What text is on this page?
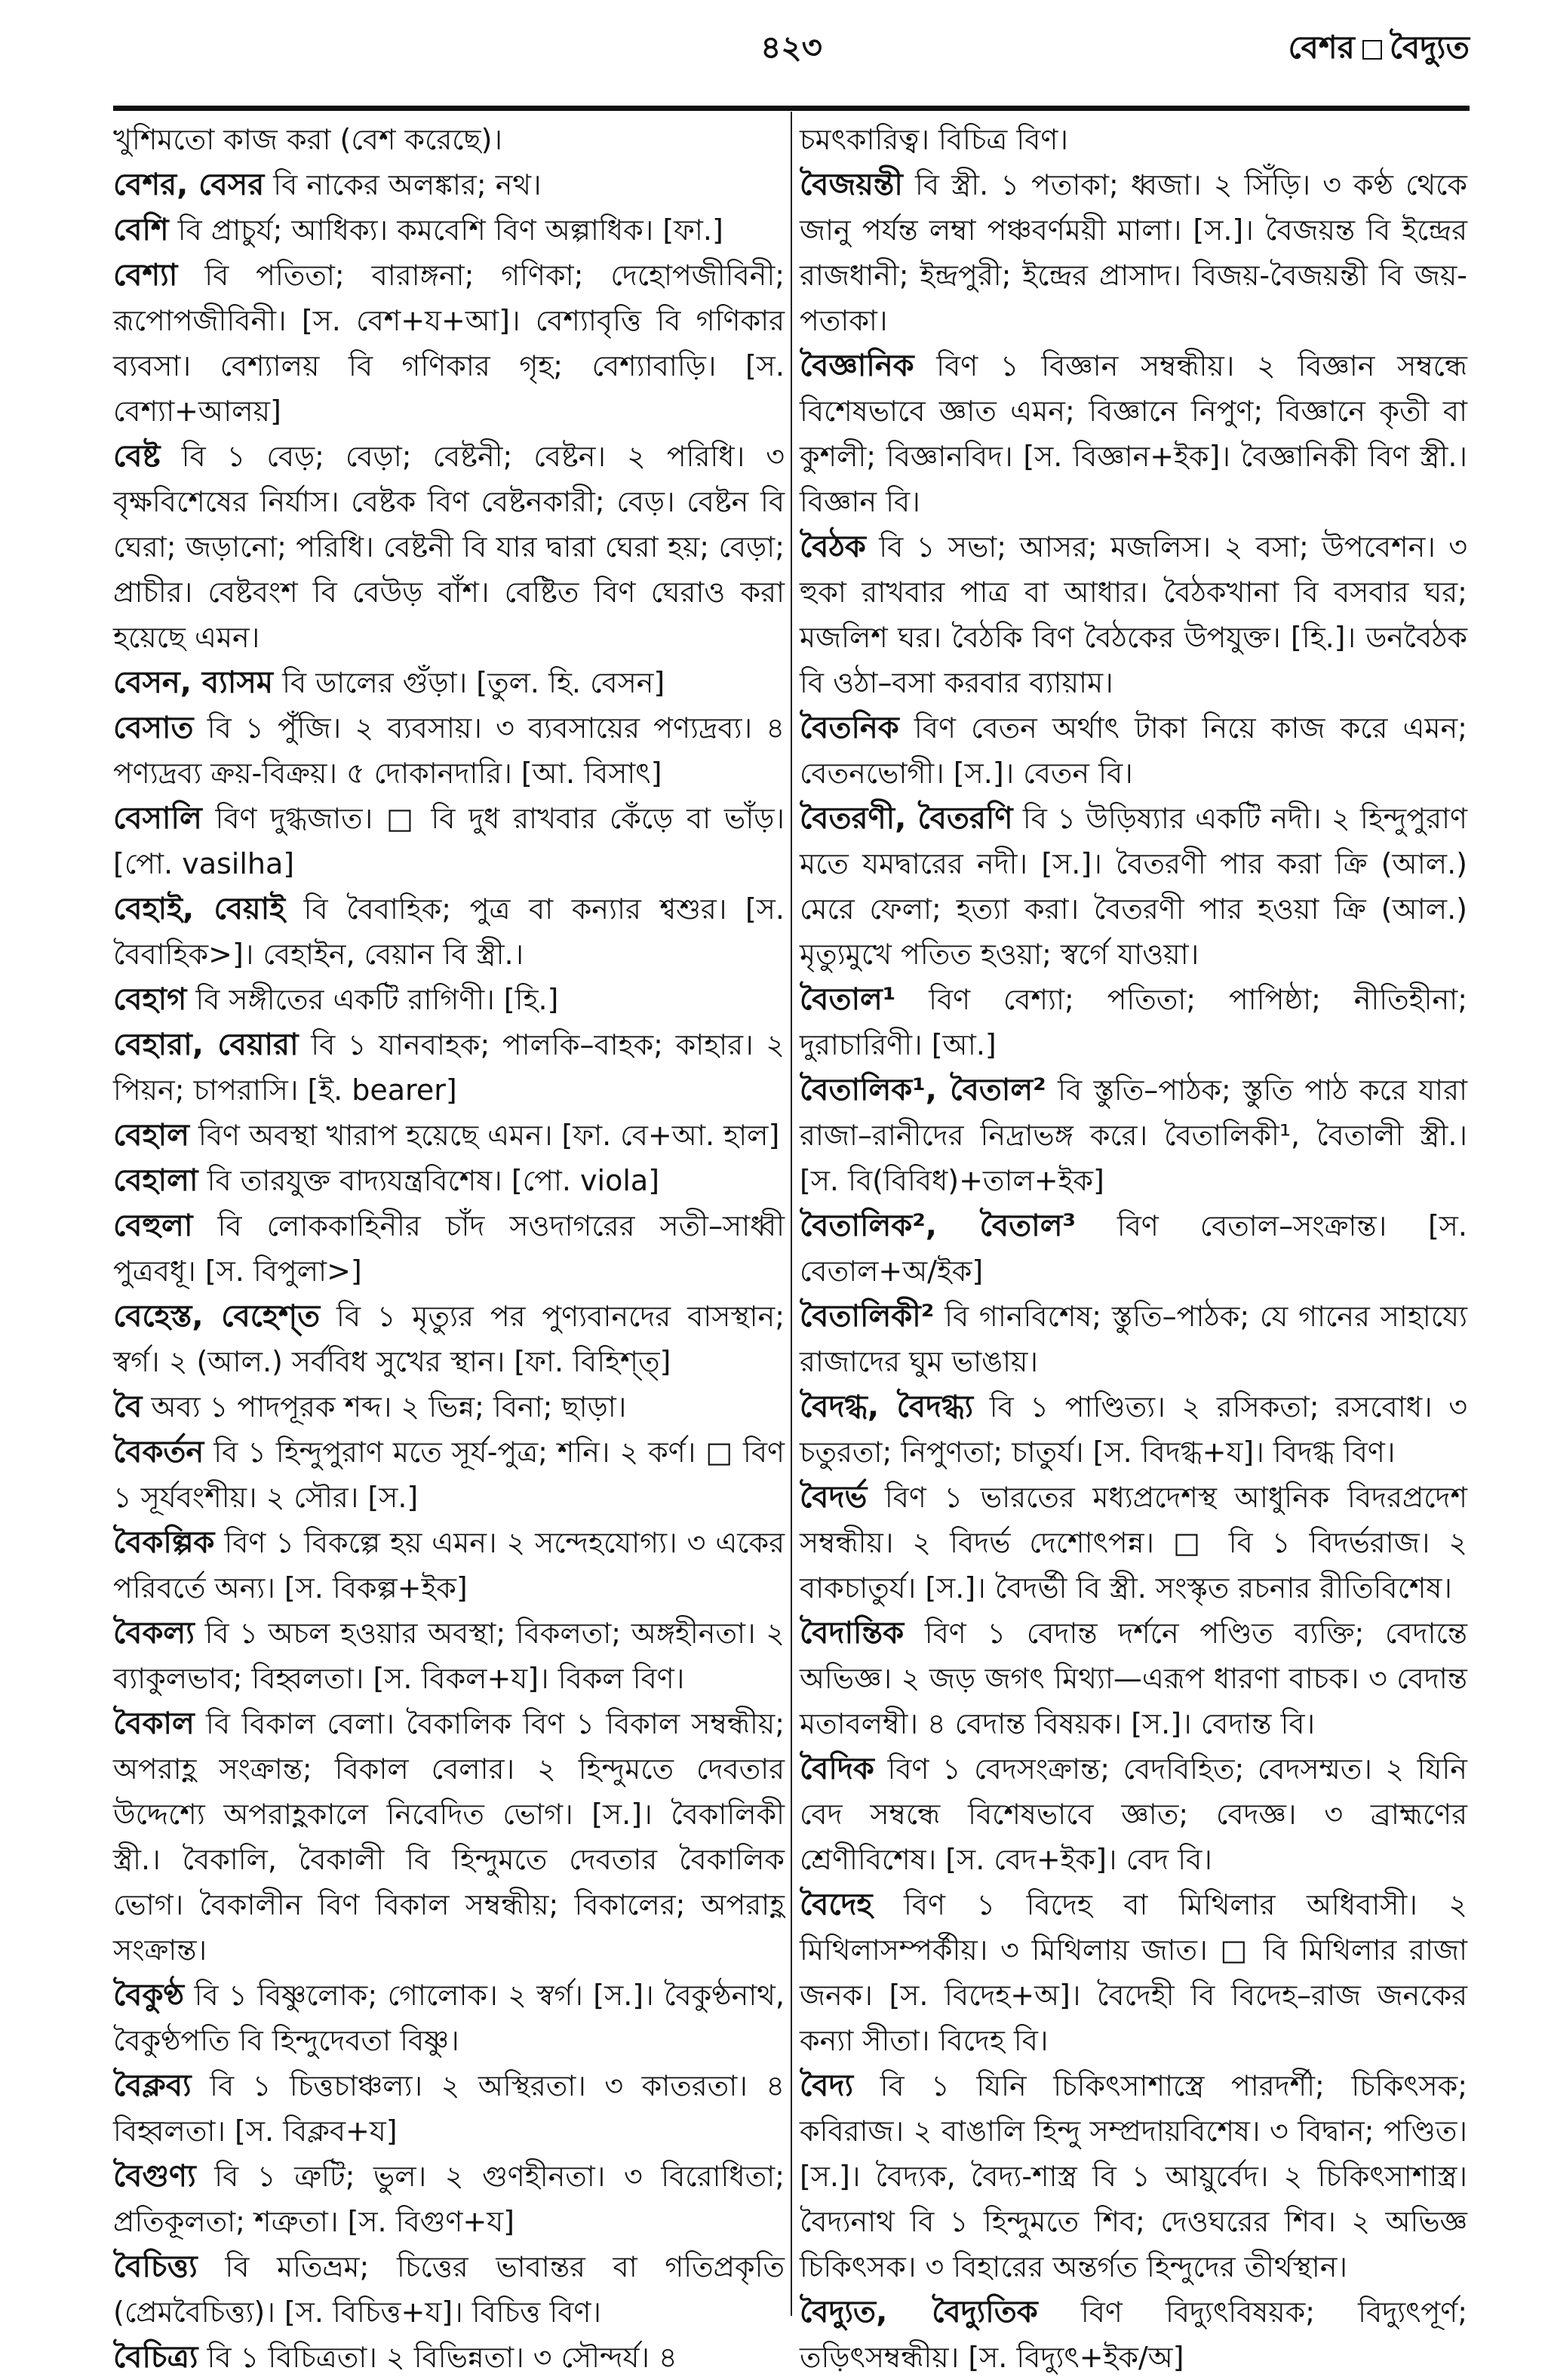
৪২৩	বেশর বৈদ্যুত

খুশিমতো কাজ করা (বেশ করেছে)।

বেশর, বেসর বি নাকের অলঙ্কার; নথ।

বেশি বি প্রাচুর্য; আধিক্য। কমবেশি বিণ অল্পাধিক। [ফা.]

বেশ্যা বি পতিতা; বারাঙ্গনা; গণিকা; দেহোপজীবিনী; রূপোপজীবিনী। [স. বেশ+য+আ]। বেশ্যাবৃত্তি বি গণিকার ব্যবসা। বেশ্যালয় বি গণিকার গৃহ; বেশ্যাবাড়ি। [স. বেশ্যা+আলয়]

বেষ্ট বি ১ বেড়; বেড়া; বেষ্টনী; বেষ্টন। ২ পরিধি। ৩ বৃক্ষবিশেষের নির্যাস। বেষ্টক বিণ বেষ্টনকারী; বেড়। বেষ্টন বি ঘেরা; জড়ানো; পরিধি। বেষ্টনী বি যার দ্বারা ঘেরা হয়; বেড়া; প্রাচীর। বেষ্টবংশ বি বেউড় বাঁশ। বেষ্টিত বিণ ঘেরাও করা হয়েছে এমন।

বেসন, ব্যাসম বি ডালের গুঁড়া। [তুল. হি. বেসন]

বেসাত বি ১ পুঁজি। ২ ব্যবসায়। ৩ ব্যবসায়ের পণ্যদ্রব্য। ৪ পণ্যদ্রব্য ক্রয়-বিক্রয়। ৫ দোকানদারি। [আ. বিসাৎ]

বেসালি বিণ দুগ্ধজাত। □ বি দুধ রাখবার কেঁড়ে বা ভাঁড়। [পো. vasilha]

বেহাই, বেয়াই বি বৈবাহিক; পুত্র বা কন্যার শ্বশুর। [স. বৈবাহিক>]। বেহাইন, বেয়ান বি স্ত্রী.।

বেহাগ বি সঙ্গীতের একটি রাগিণী। [হি.]

বেহারা, বেয়ারা বি ১ যানবাহক; পালকি–বাহক; কাহার। ২ পিয়ন; চাপরাসি। [ই. bearer]

বেহাল বিণ অবস্থা খারাপ হয়েছে এমন। [ফা. বে+আ. হাল]

বেহালা বি তারযুক্ত বাদ্যযন্ত্রবিশেষ। [পো. viola]

বেহুলা বি লোককাহিনীর চাঁদ সওদাগরের সতী–সাধ্বী পুত্রবধূ। [স. বিপুলা>]

বেহেস্ত, বেহেশ্‌ত বি ১ মৃত্যুর পর পুণ্যবানদের বাসস্থান; স্বর্গ। ২ (আল.) সর্ববিধ সুখের স্থান। [ফা. বিহিশ্‌ত্]

বৈ অব্য ১ পাদপূরক শব্দ। ২ ভিন্ন; বিনা; ছাড়া।

বৈকর্তন বি ১ হিন্দুপুরাণ মতে সূর্য-পুত্র; শনি। ২ কর্ণ। □ বিণ ১ সূর্যবংশীয়। ২ সৌর। [স.]

বৈকল্পিক বিণ ১ বিকল্পে হয় এমন। ২ সন্দেহযোগ্য। ৩ একের পরিবর্তে অন্য। [স. বিকল্প+ইক]

বৈকল্য বি ১ অচল হওয়ার অবস্থা; বিকলতা; অঙ্গহীনতা। ২ ব্যাকুলভাব; বিহ্বলতা। [স. বিকল+য]। বিকল বিণ।

বৈকাল বি বিকাল বেলা। বৈকালিক বিণ ১ বিকাল সম্বন্ধীয়; অপরাহ্ণ সংক্রান্ত; বিকাল বেলার। ২ হিন্দুমতে দেবতার উদ্দেশ্যে অপরাহ্ণকালে নিবেদিত ভোগ। [স.]। বৈকালিকী স্ত্রী.। বৈকালি, বৈকালী বি হিন্দুমতে দেবতার বৈকালিক ভোগ। বৈকালীন বিণ বিকাল সম্বন্ধীয়; বিকালের; অপরাহ্ণ সংক্রান্ত।

বৈকুণ্ঠ বি ১ বিষ্ণুলোক; গোলোক। ২ স্বর্গ। [স.]। বৈকুণ্ঠনাথ, বৈকুণ্ঠপতি বি হিন্দুদেবতা বিষ্ণু।

বৈক্লব্য বি ১ চিত্তচাঞ্চল্য। ২ অস্থিরতা। ৩ কাতরতা। ৪ বিহ্বলতা। [স. বিক্লব+য]

বৈগুণ্য বি ১ ত্রুটি; ভুল। ২ গুণহীনতা। ৩ বিরোধিতা; প্রতিকূলতা; শত্রুতা। [স. বিগুণ+য]

বৈচিত্ত্য বি মতিভ্রম; চিত্তের ভাবান্তর বা গতিপ্রকৃতি (প্রেমবৈচিত্ত্য)। [স. বিচিত্ত+য]। বিচিত্ত বিণ।

বৈচিত্র্য বি ১ বিচিত্রতা। ২ বিভিন্নতা। ৩ সৌন্দর্য। ৪

চমৎকারিত্ব। বিচিত্র বিণ।

বৈজয়ন্তী বি স্ত্রী. ১ পতাকা; ধ্বজা। ২ সিঁড়ি। ৩ কণ্ঠ থেকে জানু পর্যন্ত লম্বা পঞ্চবর্ণময়ী মালা। [স.]। বৈজয়ন্ত বি ইন্দ্রের রাজধানী; ইন্দ্রপুরী; ইন্দ্রের প্রাসাদ। বিজয়-বৈজয়ন্তী বি জয়-পতাকা।

বৈজ্ঞানিক বিণ ১ বিজ্ঞান সম্বন্ধীয়। ২ বিজ্ঞান সম্বন্ধে বিশেষভাবে জ্ঞাত এমন; বিজ্ঞানে নিপুণ; বিজ্ঞানে কৃতী বা কুশলী; বিজ্ঞানবিদ। [স. বিজ্ঞান+ইক]। বৈজ্ঞানিকী বিণ স্ত্রী.। বিজ্ঞান বি।

বৈঠক বি ১ সভা; আসর; মজলিস। ২ বসা; উপবেশন। ৩ হুকা রাখবার পাত্র বা আধার। বৈঠকখানা বি বসবার ঘর; মজলিশ ঘর। বৈঠকি বিণ বৈঠকের উপযুক্ত। [হি.]। ডনবৈঠক বি ওঠা–বসা করবার ব্যায়াম।

বৈতনিক বিণ বেতন অর্থাৎ টাকা নিয়ে কাজ করে এমন; বেতনভোগী। [স.]। বেতন বি।

বৈতরণী, বৈতরণি বি ১ উড়িষ্যার একটি নদী। ২ হিন্দুপুরাণ মতে যমদ্বারের নদী। [স.]। বৈতরণী পার করা ক্রি (আল.) মেরে ফেলা; হত্যা করা। বৈতরণী পার হওয়া ক্রি (আল.) মৃত্যুমুখে পতিত হওয়া; স্বর্গে যাওয়া।

বৈতাল¹ বিণ বেশ্যা; পতিতা; পাপিষ্ঠা; নীতিহীনা; দুরাচারিণী। [আ.]

বৈতালিক¹, বৈতাল² বি স্তুতি–পাঠক; স্তুতি পাঠ করে যারা রাজা–রানীদের নিদ্রাভঙ্গ করে। বৈতালিকী¹, বৈতালী স্ত্রী.। [স. বি(বিবিধ)+তাল+ইক]

বৈতালিক², বৈতাল³ বিণ বেতাল–সংক্রান্ত। [স. বেতাল+অ/ইক]

বৈতালিকী² বি গানবিশেষ; স্তুতি–পাঠক; যে গানের সাহায্যে রাজাদের ঘুম ভাঙায়।

বৈদগ্ধ, বৈদগ্ধ্য বি ১ পাণ্ডিত্য। ২ রসিকতা; রসবোধ। ৩ চতুরতা; নিপুণতা; চাতুর্য। [স. বিদগ্ধ+য]। বিদগ্ধ বিণ।

বৈদর্ভ বিণ ১ ভারতের মধ্যপ্রদেশস্থ আধুনিক বিদরপ্রদেশ সম্বন্ধীয়। ২ বিদর্ভ দেশোৎপন্ন। □ বি ১ বিদর্ভরাজ। ২ বাকচাতুর্য। [স.]। বৈদর্ভী বি স্ত্রী. সংস্কৃত রচনার রীতিবিশেষ।

বৈদান্তিক বিণ ১ বেদান্ত দর্শনে পণ্ডিত ব্যক্তি; বেদান্তে অভিজ্ঞ। ২ জড় জগৎ মিথ্যা—এরূপ ধারণা বাচক। ৩ বেদান্ত মতাবলম্বী। ৪ বেদান্ত বিষয়ক। [স.]। বেদান্ত বি।

বৈদিক বিণ ১ বেদসংক্রান্ত; বেদবিহিত; বেদসম্মত। ২ যিনি বেদ সম্বন্ধে বিশেষভাবে জ্ঞাত; বেদজ্ঞ। ৩ ব্রাহ্মণের শ্রেণীবিশেষ। [স. বেদ+ইক]। বেদ বি।

বৈদেহ বিণ ১ বিদেহ বা মিথিলার অধিবাসী। ২ মিথিলাসম্পর্কীয়। ৩ মিথিলায় জাত। □ বি মিথিলার রাজা জনক। [স. বিদেহ+অ]। বৈদেহী বি বিদেহ–রাজ জনকের কন্যা সীতা। বিদেহ বি।

বৈদ্য বি ১ যিনি চিকিৎসাশাস্ত্রে পারদর্শী; চিকিৎসক; কবিরাজ। ২ বাঙালি হিন্দু সম্প্রদায়বিশেষ। ৩ বিদ্বান; পণ্ডিত। [স.]। বৈদ্যক, বৈদ্য-শাস্ত্র বি ১ আয়ুর্বেদ। ২ চিকিৎসাশাস্ত্র। বৈদ্যনাথ বি ১ হিন্দুমতে শিব; দেওঘরের শিব। ২ অভিজ্ঞ চিকিৎসক। ৩ বিহারের অন্তর্গত হিন্দুদের তীর্থস্থান।

বৈদ্যুত, বৈদ্যুতিক বিণ বিদ্যুৎবিষয়ক; বিদ্যুৎপূর্ণ; তড়িৎসম্বন্ধীয়। [স. বিদ্যুৎ+ইক/অ]
